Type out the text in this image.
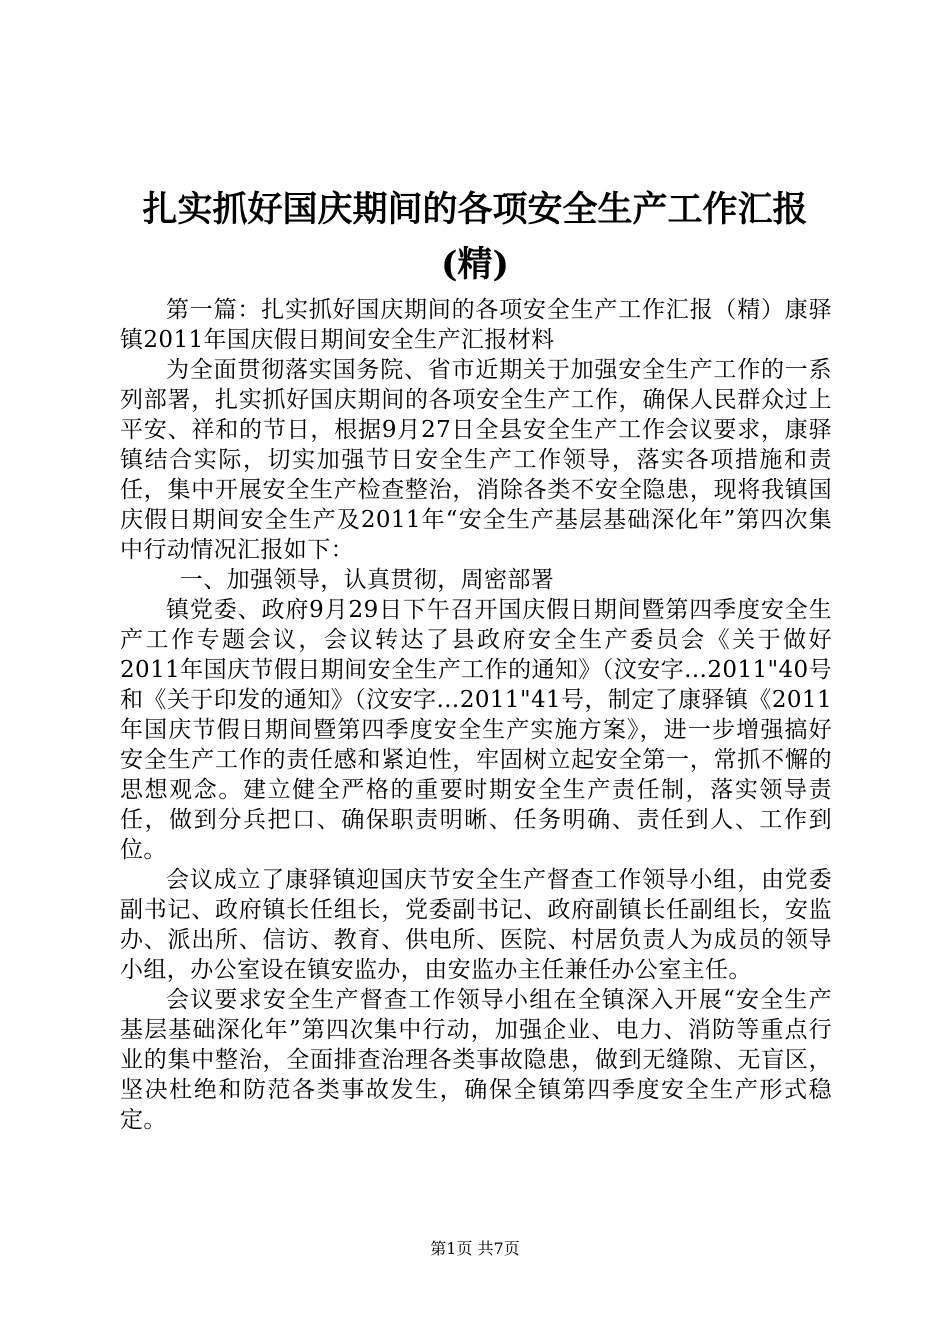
扎实抓好国庆期间的各项安全生产工作汇报
(精)

第一篇：扎实抓好国庆期间的各项安全生产工作汇报（精）康驿镇2011年国庆假日期间安全生产汇报材料

为全面贯彻落实国务院、省市近期关于加强安全生产工作的一系列部署，扎实抓好国庆期间的各项安全生产工作，确保人民群众过上平安、祥和的节日，根据9月27日全县安全生产工作会议要求，康驿镇结合实际，切实加强节日安全生产工作领导，落实各项措施和责任，集中开展安全生产检查整治，消除各类不安全隐患，现将我镇国庆假日期间安全生产及2011年“安全生产基层基础深化年”第四次集中行动情况汇报如下：

一、加强领导，认真贯彻，周密部署

镇党委、政府9月29日下午召开国庆假日期间暨第四季度安全生产工作专题会议，会议转达了县政府安全生产委员会《关于做好2011年国庆节假日期间安全生产工作的通知》（汶安字…2011"40号和《关于印发的通知》（汶安字…2011"41号，制定了康驿镇《2011年国庆节假日期间暨第四季度安全生产实施方案》，进一步增强搞好安全生产工作的责任感和紧迫性，牢固树立起安全第一，常抓不懈的思想观念。建立健全严格的重要时期安全生产责任制，落实领导责任，做到分兵把口、确保职责明晰、任务明确、责任到人、工作到位。

会议成立了康驿镇迎国庆节安全生产督查工作领导小组，由党委副书记、政府镇长任组长，党委副书记、政府副镇长任副组长，安监办、派出所、信访、教育、供电所、医院、村居负责人为成员的领导小组，办公室设在镇安监办，由安监办主任兼任办公室主任。

会议要求安全生产督查工作领导小组在全镇深入开展“安全生产基层基础深化年”第四次集中行动，加强企业、电力、消防等重点行业的集中整治，全面排查治理各类事故隐患，做到无缝隙、无盲区，坚决杜绝和防范各类事故发生，确保全镇第四季度安全生产形式稳定。

第1页 共7页
